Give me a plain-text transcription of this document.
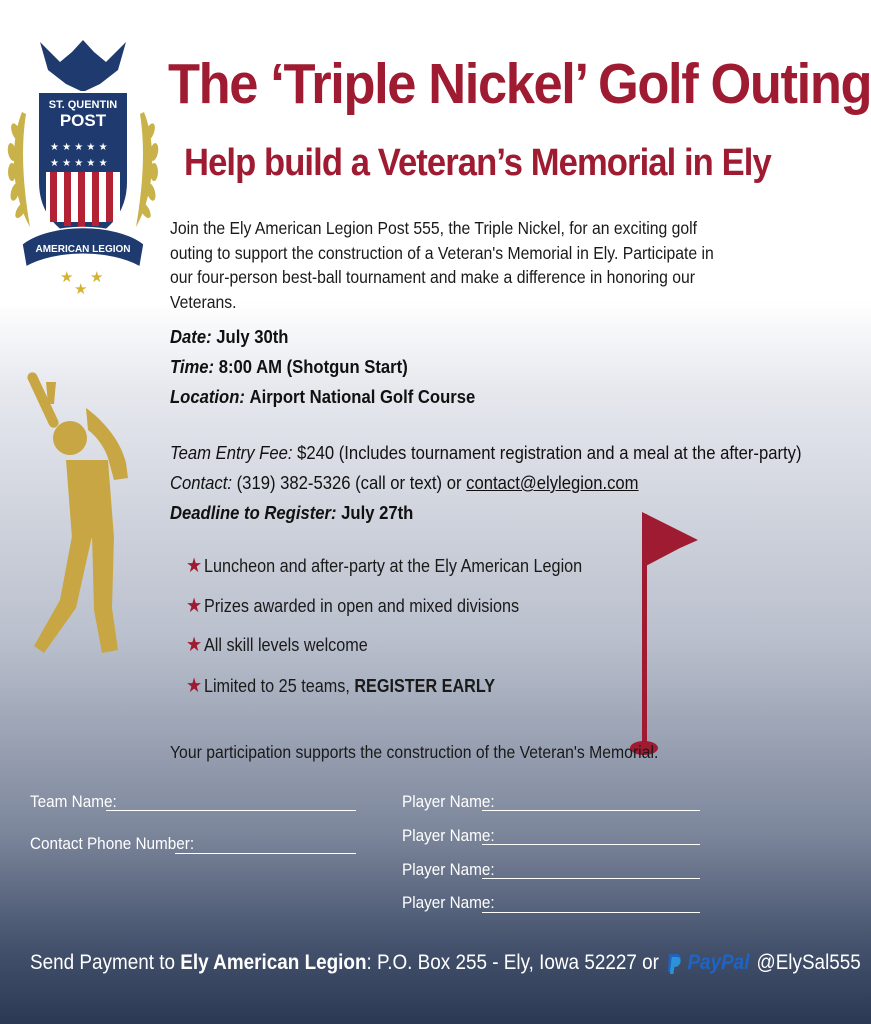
ST. QUENTIN
POST
★ ★ ★ ★ ★
★ ★ ★ ★ ★
AMERICAN LEGION
★
★
★
The ‘Triple Nickel’ Golf Outing
Help build a Veteran’s Memorial in Ely
Join the Ely American Legion Post 555, the Triple Nickel, for an exciting golf outing to support the construction of a Veteran's Memorial in Ely. Participate in our four-person best-ball tournament and make a difference in honoring our Veterans.
Date: July 30th
Time: 8:00 AM (Shotgun Start)
Location: Airport National Golf Course
Team Entry Fee: $240 (Includes tournament registration and a meal at the after-party)
Contact: (319) 382-5326 (call or text) or contact@elylegion.com
Deadline to Register: July 27th
★ Luncheon and after-party at the Ely American Legion
★ Prizes awarded in open and mixed divisions
★ All skill levels welcome
★ Limited to 25 teams, REGISTER EARLY
Your participation supports the construction of the Veteran's Memorial.
Team Name:
Contact Phone Number:
Player Name:
Player Name:
Player Name:
Player Name:
Send Payment to Ely American Legion: P.O. Box 255 - Ely, Iowa 52227 or PayPal @ElySal555
